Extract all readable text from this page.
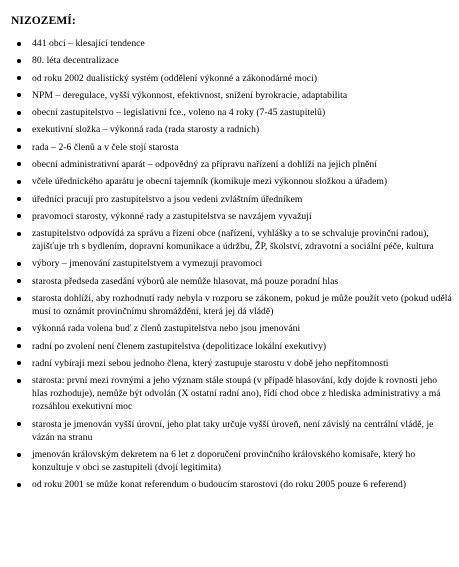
NIZOZEMÍ:
441 obcí – klesající tendence
80. léta decentralizace
od roku 2002 dualistický systém (oddělení výkonné a zákonodárné moci)
NPM – deregulace, vyšší výkonnost, efektivnost, snížení byrokracie, adaptabilita
obecní zastupitelstvo – legislativní fce., voleno na 4 roky (7-45 zastupitelů)
exekutivní složka – výkonná rada (rada starosty a radních)
rada – 2-6 členů a v čele stojí starosta
obecní administrativní aparát – odpovědný za přípravu nařízení a dohlíží na jejich plnění
včele úřednického aparátu je obecní tajemník (komikuje mezi výkonnou složkou a úřadem)
úředníci pracují pro zastupitelstvo a jsou vedeni zvláštním úředníkem
pravomoci starosty, výkonné rady a zastupitelstva se navzájem vyvažují
zastupitelstvo odpovídá za správu a řízení obce (nařízení, vyhlášky a to se schvaluje provinční radou), zajišťuje trh s bydlením, dopravní komunikace a údržbu, ŽP, školství, zdravotní a sociální péče, kultura
výbory – jmenování zastupitelstvem a vymezují pravomoci
starosta předseda zasedání výborů ale nemůže hlasovat, má pouze poradní hlas
starosta dohlíží, aby rozhodnutí rady nebyla v rozporu se zákonem, pokud je může použít veto (pokud udělá musí to oznámit provinčnímu shromáždění, která jej dá vládě)
výkonná rada volena buď z členů zastupitelstva nebo jsou jmenováni
radní po zvolení není členem zastupitelstva (depolitizace lokální exekutivy)
radní vybírají mezi sebou jednoho člena, který zastupuje starostu v době jeho nepřítomnosti
starosta: první mezi rovnými a jeho význam stále stoupá (v případě hlasování, kdy dojde k rovnosti jeho hlas rozhoduje), nemůže být odvolán (X ostatní radní ano), řídí chod obce z hlediska administrativy a má rozsáhlou exekutivní moc
starosta je jmenován vyšší úrovní, jeho plat taky určuje vyšší úroveň, není závislý na centrální vládě, je vázán na stranu
jmenován královským dekretem na 6 let z doporučení provinčního královského komisaře, který ho konzultuje v obci se zastupiteli (dvojí legitimita)
od roku 2001 se může konat referendum o budoucím starostovi (do roku 2005 pouze 6 referend)
